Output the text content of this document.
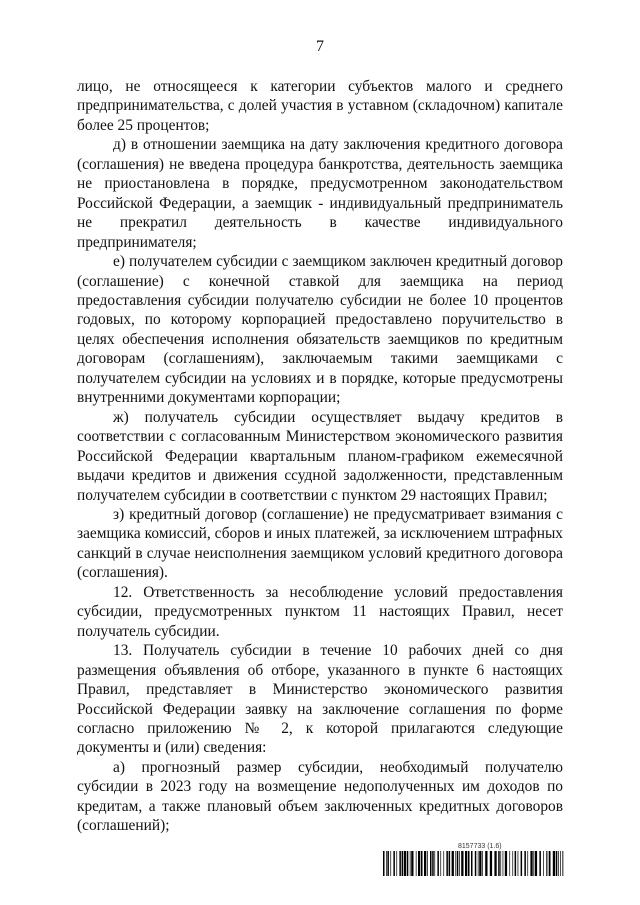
7

лицо, не относящееся к категории субъектов малого и среднего предпринимательства, с долей участия в уставном (складочном) капитале более 25 процентов;

д) в отношении заемщика на дату заключения кредитного договора (соглашения) не введена процедура банкротства, деятельность заемщика не приостановлена в порядке, предусмотренном законодательством Российской Федерации, а заемщик - индивидуальный предприниматель не прекратил деятельность в качестве индивидуального предпринимателя;

е) получателем субсидии с заемщиком заключен кредитный договор (соглашение) с конечной ставкой для заемщика на период предоставления субсидии получателю субсидии не более 10 процентов годовых, по которому корпорацией предоставлено поручительство в целях обеспечения исполнения обязательств заемщиков по кредитным договорам (соглашениям), заключаемым такими заемщиками с получателем субсидии на условиях и в порядке, которые предусмотрены внутренними документами корпорации;

ж) получатель субсидии осуществляет выдачу кредитов в соответствии с согласованным Министерством экономического развития Российской Федерации квартальным планом-графиком ежемесячной выдачи кредитов и движения ссудной задолженности, представленным получателем субсидии в соответствии с пунктом 29 настоящих Правил;

з) кредитный договор (соглашение) не предусматривает взимания с заемщика комиссий, сборов и иных платежей, за исключением штрафных санкций в случае неисполнения заемщиком условий кредитного договора (соглашения).

12. Ответственность за несоблюдение условий предоставления субсидии, предусмотренных пунктом 11 настоящих Правил, несет получатель субсидии.

13. Получатель субсидии в течение 10 рабочих дней со дня размещения объявления об отборе, указанного в пункте 6 настоящих Правил, представляет в Министерство экономического развития Российской Федерации заявку на заключение соглашения по форме согласно приложению № 2, к которой прилагаются следующие документы и (или) сведения:

а) прогнозный размер субсидии, необходимый получателю субсидии в 2023 году на возмещение недополученных им доходов по кредитам, а также плановый объем заключенных кредитных договоров (соглашений);

8157733 (1.6)
